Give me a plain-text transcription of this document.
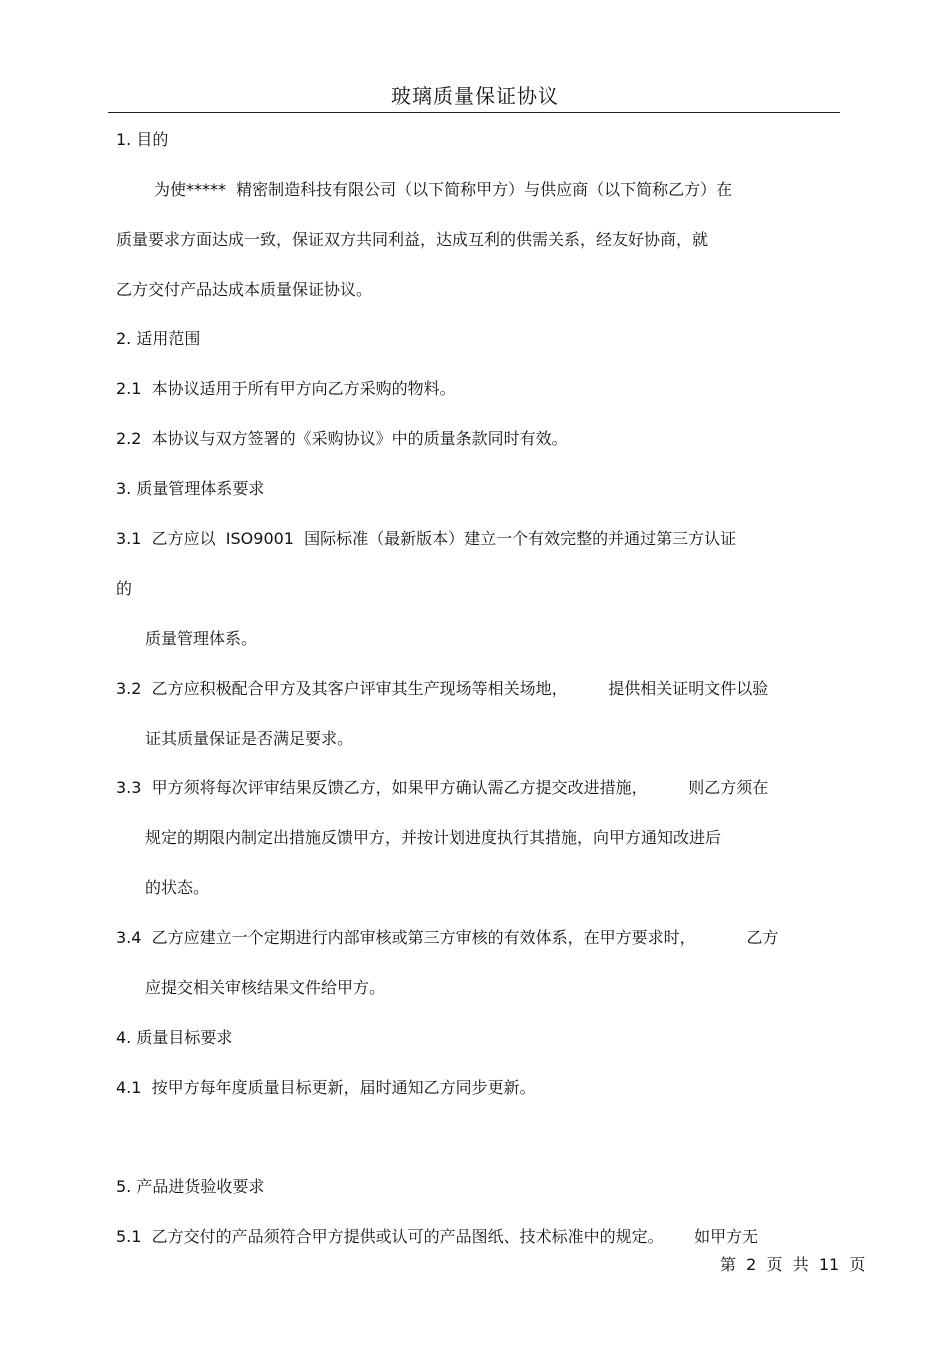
玻璃质量保证协议
1. 目的
为使*****  精密制造科技有限公司（以下简称甲方）与供应商（以下简称乙方）在
质量要求方面达成一致，保证双方共同利益，达成互利的供需关系，经友好协商，就
乙方交付产品达成本质量保证协议。
2. 适用范围
2.1  本协议适用于所有甲方向乙方采购的物料。
2.2  本协议与双方签署的《采购协议》中的质量条款同时有效。
3. 质量管理体系要求
3.1  乙方应以  ISO9001  国际标准（最新版本）建立一个有效完整的并通过第三方认证
的
质量管理体系。
3.2  乙方应积极配合甲方及其客户评审其生产现场等相关场地，        提供相关证明文件以验
证其质量保证是否满足要求。
3.3  甲方须将每次评审结果反馈乙方，如果甲方确认需乙方提交改进措施，        则乙方须在
规定的期限内制定出措施反馈甲方，并按计划进度执行其措施，向甲方通知改进后
的状态。
3.4  乙方应建立一个定期进行内部审核或第三方审核的有效体系，在甲方要求时，          乙方
应提交相关审核结果文件给甲方。
4. 质量目标要求
4.1  按甲方每年度质量目标更新，届时通知乙方同步更新。
5. 产品进货验收要求
5.1  乙方交付的产品须符合甲方提供或认可的产品图纸、技术标准中的规定。      如甲方无
第  2  页  共  11  页
